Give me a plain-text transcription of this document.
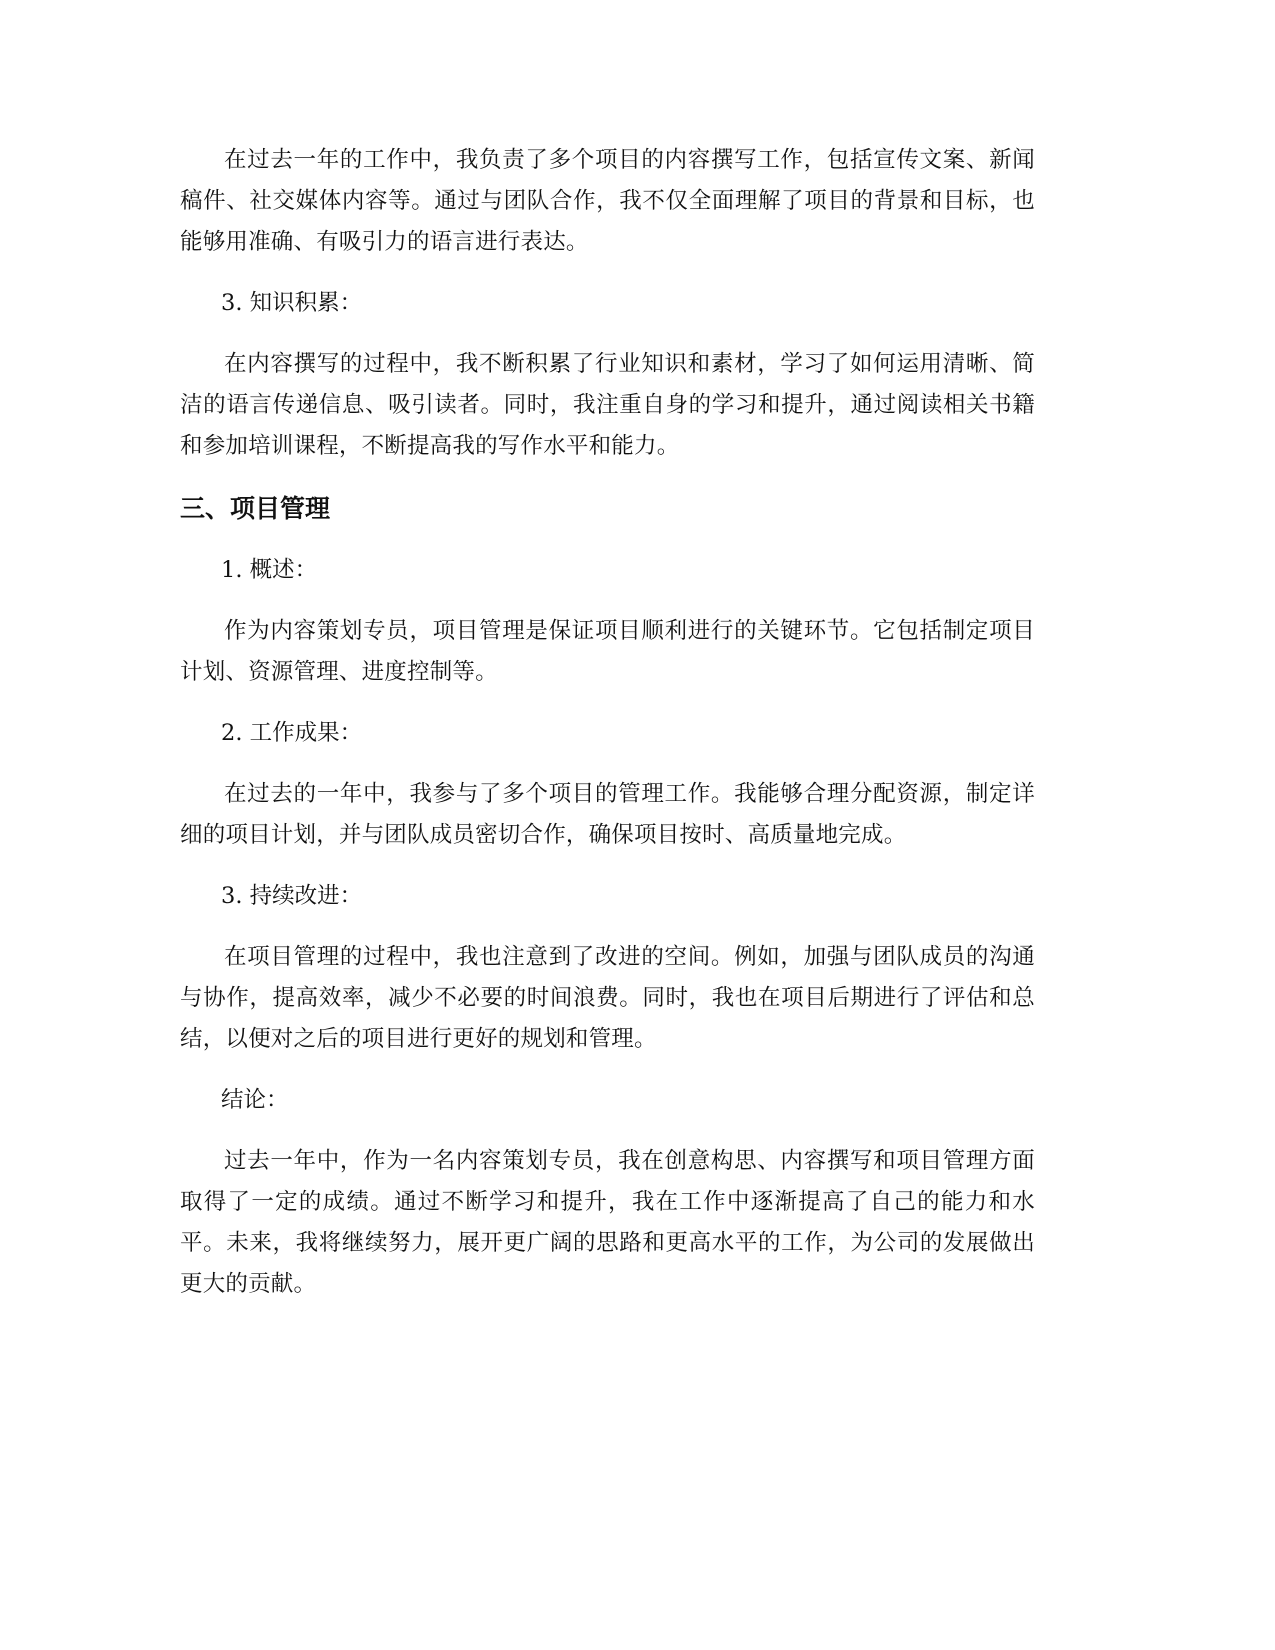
在过去一年的工作中，我负责了多个项目的内容撰写工作，包括宣传文案、新闻稿件、社交媒体内容等。通过与团队合作，我不仅全面理解了项目的背景和目标，也能够用准确、有吸引力的语言进行表达。

3. 知识积累：

在内容撰写的过程中，我不断积累了行业知识和素材，学习了如何运用清晰、简洁的语言传递信息、吸引读者。同时，我注重自身的学习和提升，通过阅读相关书籍和参加培训课程，不断提高我的写作水平和能力。

三、项目管理

1. 概述：

作为内容策划专员，项目管理是保证项目顺利进行的关键环节。它包括制定项目计划、资源管理、进度控制等。

2. 工作成果：

在过去的一年中，我参与了多个项目的管理工作。我能够合理分配资源，制定详细的项目计划，并与团队成员密切合作，确保项目按时、高质量地完成。

3. 持续改进：

在项目管理的过程中，我也注意到了改进的空间。例如，加强与团队成员的沟通与协作，提高效率，减少不必要的时间浪费。同时，我也在项目后期进行了评估和总结，以便对之后的项目进行更好的规划和管理。

结论：

过去一年中，作为一名内容策划专员，我在创意构思、内容撰写和项目管理方面取得了一定的成绩。通过不断学习和提升，我在工作中逐渐提高了自己的能力和水平。未来，我将继续努力，展开更广阔的思路和更高水平的工作，为公司的发展做出更大的贡献。
